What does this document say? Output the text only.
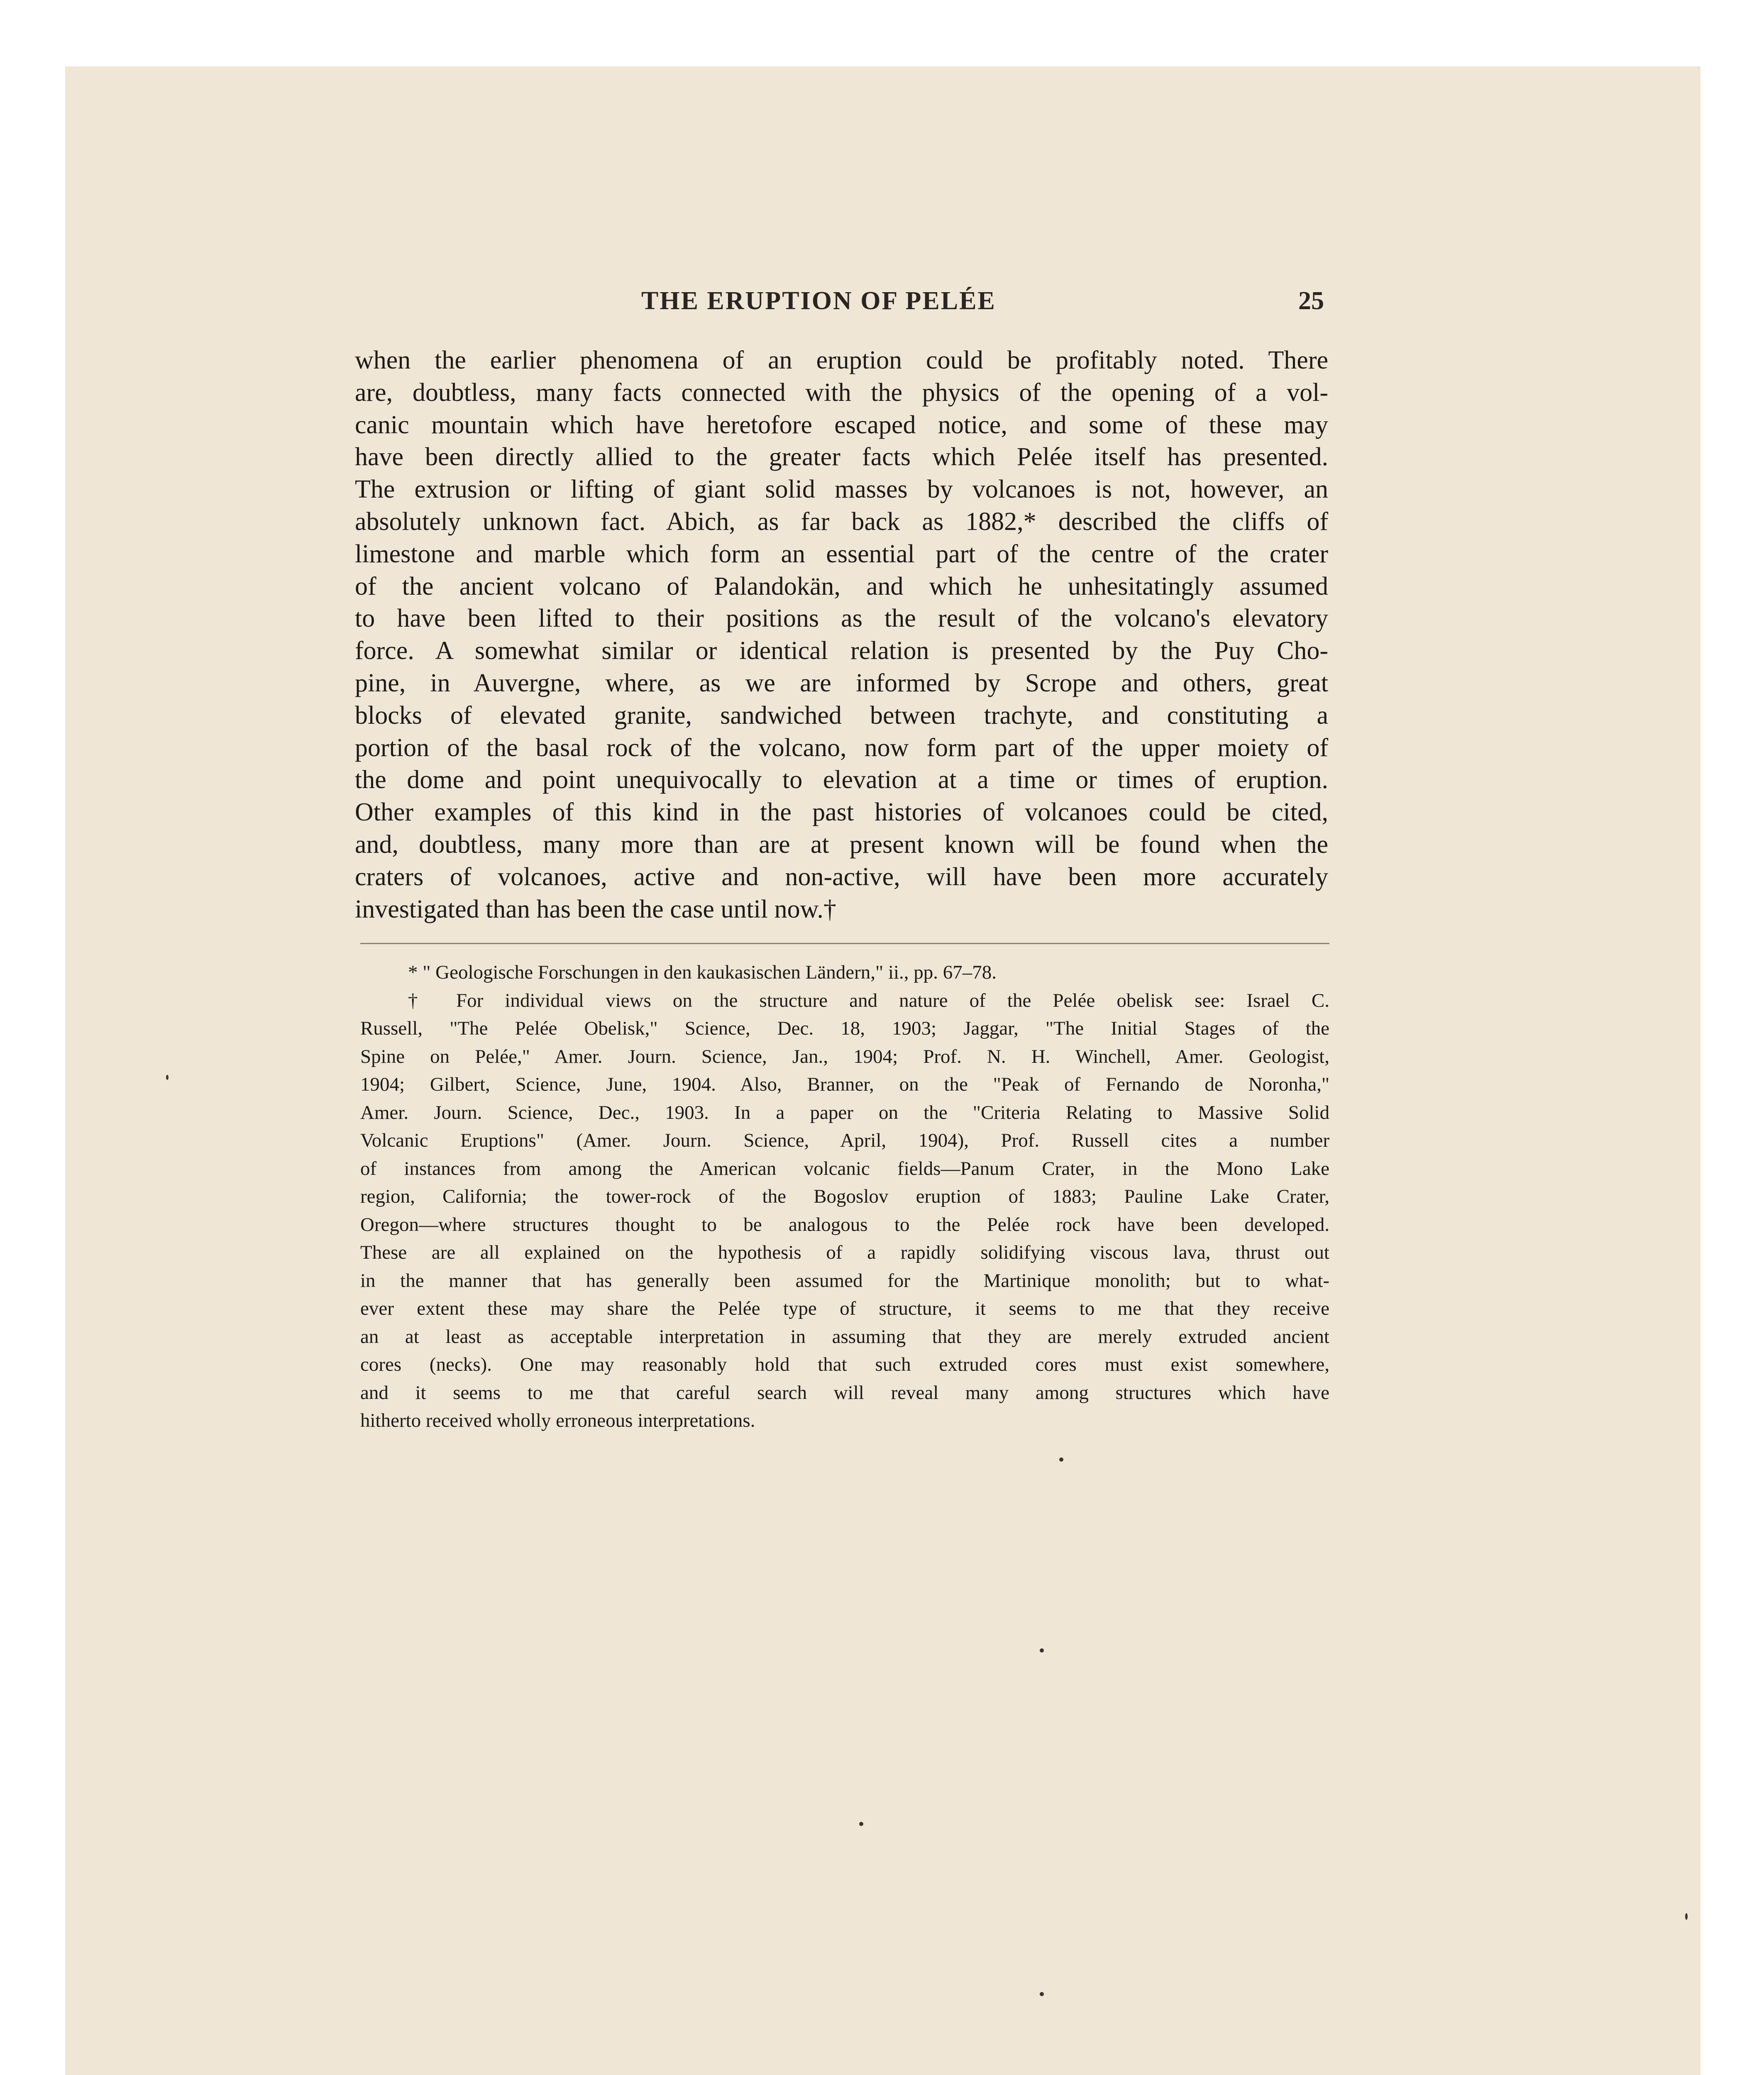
THE ERUPTION OF PELÉE	25
when the earlier phenomena of an eruption could be profitably noted. There
are, doubtless, many facts connected with the physics of the opening of a vol-
canic mountain which have heretofore escaped notice, and some of these may
have been directly allied to the greater facts which Pelée itself has presented.
The extrusion or lifting of giant solid masses by volcanoes is not, however, an
absolutely unknown fact. Abich, as far back as 1882,* described the cliffs of
limestone and marble which form an essential part of the centre of the crater
of the ancient volcano of Palandokän, and which he unhesitatingly assumed
to have been lifted to their positions as the result of the volcano's elevatory
force. A somewhat similar or identical relation is presented by the Puy Cho-
pine, in Auvergne, where, as we are informed by Scrope and others, great
blocks of elevated granite, sandwiched between trachyte, and constituting a
portion of the basal rock of the volcano, now form part of the upper moiety of
the dome and point unequivocally to elevation at a time or times of eruption.
Other examples of this kind in the past histories of volcanoes could be cited,
and, doubtless, many more than are at present known will be found when the
craters of volcanoes, active and non-active, will have been more accurately
investigated than has been the case until now.†
* " Geologische Forschungen in den kaukasischen Ländern," ii., pp. 67–78.
† For individual views on the structure and nature of the Pelée obelisk see: Israel C.
Russell, "The Pelée Obelisk," Science, Dec. 18, 1903; Jaggar, "The Initial Stages of the
Spine on Pelée," Amer. Journ. Science, Jan., 1904; Prof. N. H. Winchell, Amer. Geologist,
1904; Gilbert, Science, June, 1904. Also, Branner, on the "Peak of Fernando de Noronha,"
Amer. Journ. Science, Dec., 1903. In a paper on the "Criteria Relating to Massive Solid
Volcanic Eruptions" (Amer. Journ. Science, April, 1904), Prof. Russell cites a number
of instances from among the American volcanic fields—Panum Crater, in the Mono Lake
region, California; the tower-rock of the Bogoslov eruption of 1883; Pauline Lake Crater,
Oregon—where structures thought to be analogous to the Pelée rock have been developed.
These are all explained on the hypothesis of a rapidly solidifying viscous lava, thrust out
in the manner that has generally been assumed for the Martinique monolith; but to what-
ever extent these may share the Pelée type of structure, it seems to me that they receive
an at least as acceptable interpretation in assuming that they are merely extruded ancient
cores (necks). One may reasonably hold that such extruded cores must exist somewhere,
and it seems to me that careful search will reveal many among structures which have
hitherto received wholly erroneous interpretations.
